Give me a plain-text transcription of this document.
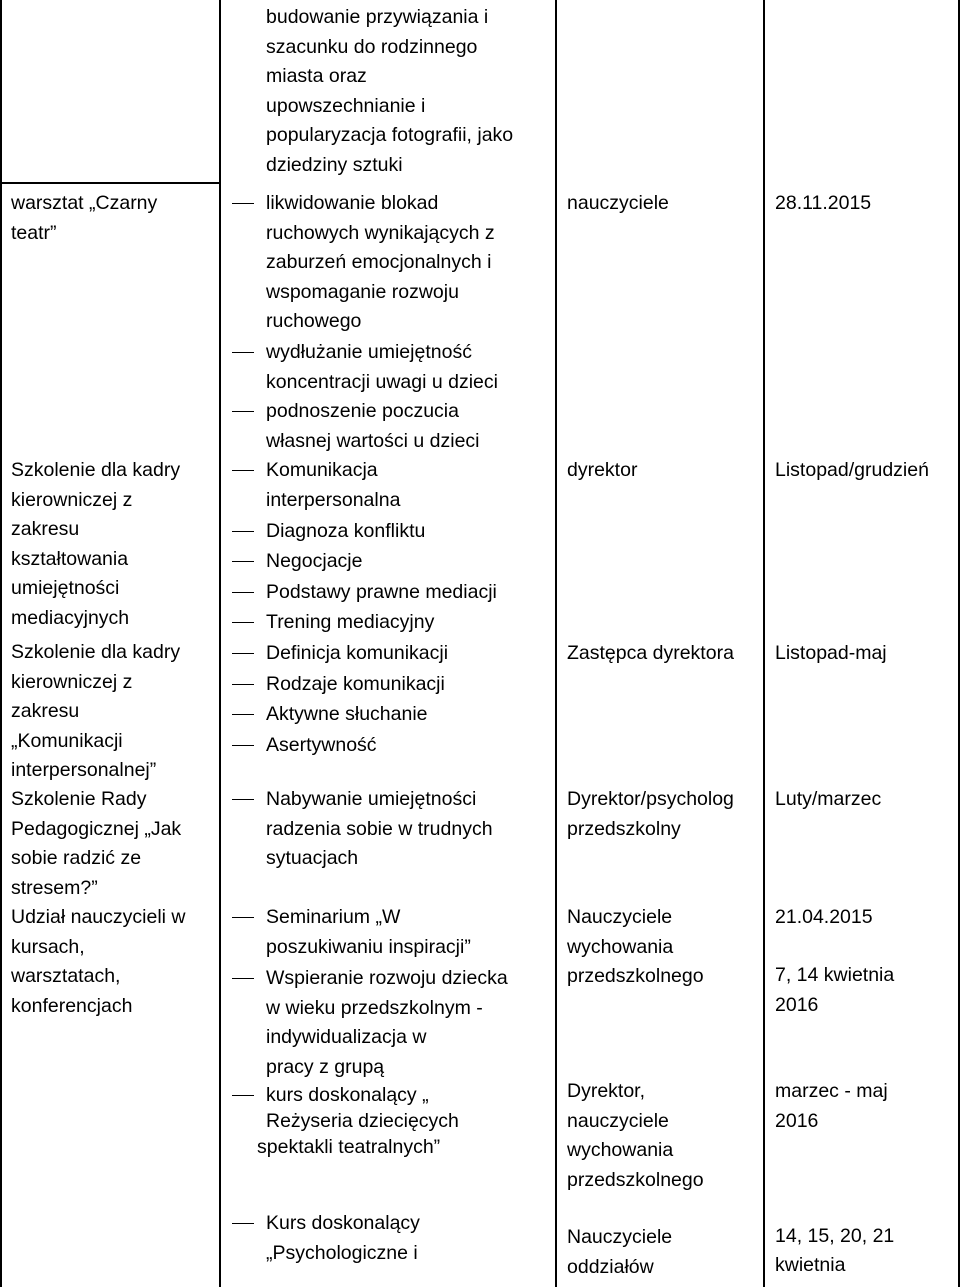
budowanie przywiązania i
szacunku do rodzinnego
miasta oraz
upowszechnianie i
popularyzacja fotografii, jako
dziedziny sztuki
warsztat „Czarny
teatr”
likwidowanie blokad
ruchowych wynikających z
zaburzeń emocjonalnych i
wspomaganie rozwoju
ruchowego
wydłużanie umiejętność
koncentracji uwagi u dzieci
podnoszenie poczucia
własnej wartości u dzieci
nauczyciele	28.11.2015
Szkolenie dla kadry
kierowniczej z
zakresu
kształtowania
umiejętności
mediacyjnych
Komunikacja
interpersonalna
Diagnoza konfliktu
Negocjacje
Podstawy prawne mediacji
Trening mediacyjny
dyrektor	Listopad/grudzień
Szkolenie dla kadry
kierowniczej z
zakresu
„Komunikacji
interpersonalnej”
Definicja komunikacji
Rodzaje komunikacji
Aktywne słuchanie
Asertywność
Zastępca dyrektora Listopad-maj
Szkolenie Rady
Pedagogicznej „Jak
sobie radzić ze
stresem?”
Nabywanie umiejętności
radzenia sobie w trudnych
sytuacjach
Dyrektor/psycholog
przedszkolny
Luty/marzec
Udział nauczycieli w
kursach,
warsztatach,
konferencjach
Seminarium „W
poszukiwaniu inspiracji”
Wspieranie rozwoju dziecka
w wieku przedszkolnym -
indywidualizacja w
pracy z grupą
kurs doskonalący „
Reżyseria dziecięcych
spektakli teatralnych”
Kurs doskonalący
„Psychologiczne i
Nauczyciele
wychowania
przedszkolnego
Dyrektor,
nauczyciele
wychowania
przedszkolnego
Nauczyciele
oddziałów
21.04.2015
7, 14 kwietnia
2016
marzec - maj
2016
14, 15, 20, 21
kwietnia
